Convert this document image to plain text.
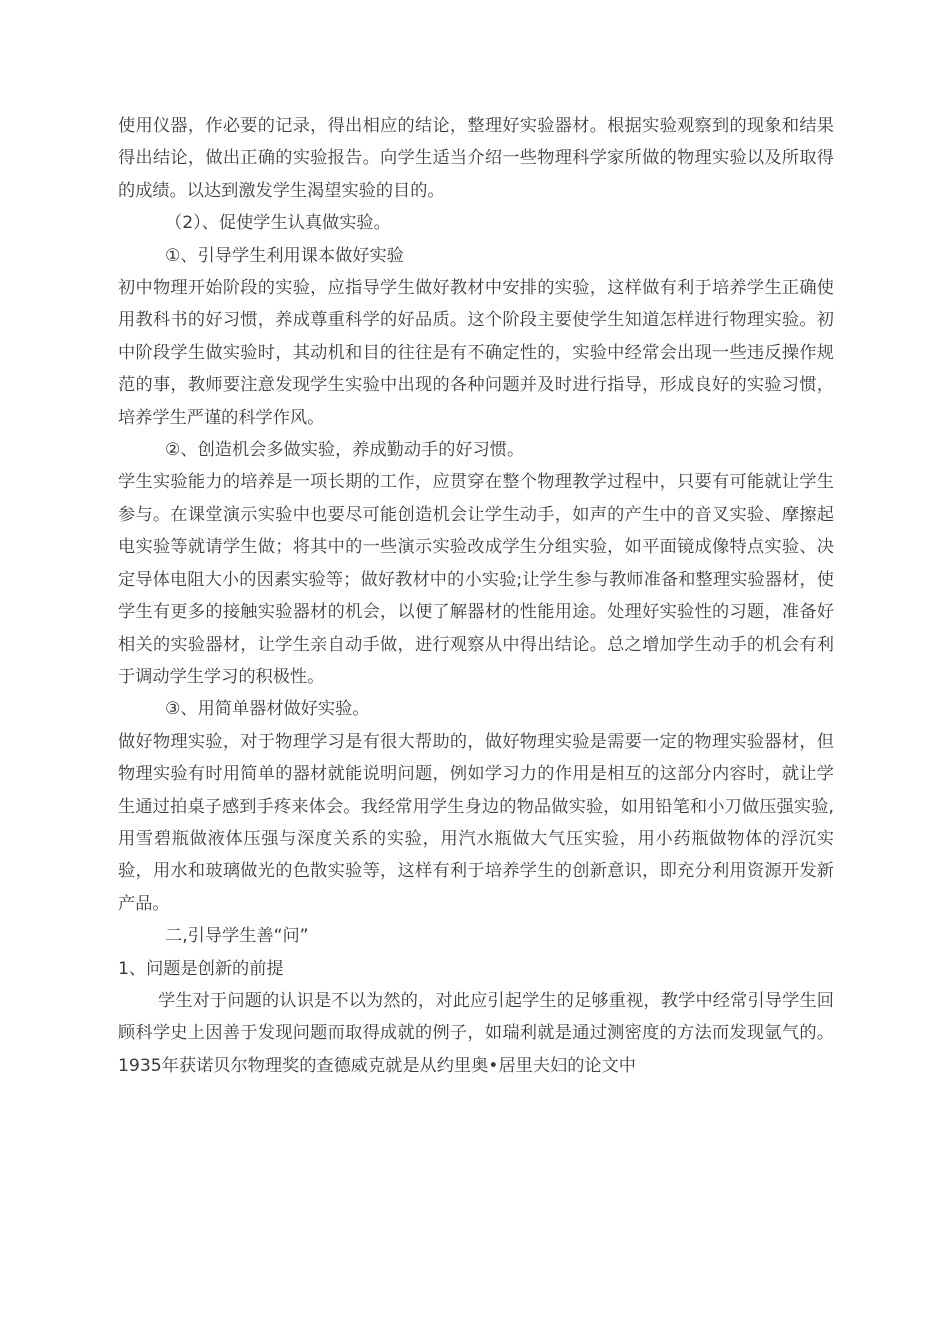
使用仪器，作必要的记录，得出相应的结论，整理好实验器材。根据实验观察到的现象和结果得出结论，做出正确的实验报告。向学生适当介绍一些物理科学家所做的物理实验以及所取得的成绩。以达到激发学生渴望实验的目的。

（2）、促使学生认真做实验。

①、引导学生利用课本做好实验

初中物理开始阶段的实验，应指导学生做好教材中安排的实验，这样做有利于培养学生正确使用教科书的好习惯，养成尊重科学的好品质。这个阶段主要使学生知道怎样进行物理实验。初中阶段学生做实验时，其动机和目的往往是有不确定性的，实验中经常会出现一些违反操作规范的事，教师要注意发现学生实验中出现的各种问题并及时进行指导，形成良好的实验习惯，培养学生严谨的科学作风。

②、创造机会多做实验，养成勤动手的好习惯。

学生实验能力的培养是一项长期的工作，应贯穿在整个物理教学过程中，只要有可能就让学生参与。在课堂演示实验中也要尽可能创造机会让学生动手，如声的产生中的音叉实验、摩擦起电实验等就请学生做；将其中的一些演示实验改成学生分组实验，如平面镜成像特点实验、决定导体电阻大小的因素实验等；做好教材中的小实验;让学生参与教师准备和整理实验器材，使学生有更多的接触实验器材的机会，以便了解器材的性能用途。处理好实验性的习题，准备好相关的实验器材，让学生亲自动手做，进行观察从中得出结论。总之增加学生动手的机会有利于调动学生学习的积极性。

③、用简单器材做好实验。

做好物理实验，对于物理学习是有很大帮助的，做好物理实验是需要一定的物理实验器材，但物理实验有时用简单的器材就能说明问题，例如学习力的作用是相互的这部分内容时，就让学生通过拍桌子感到手疼来体会。我经常用学生身边的物品做实验，如用铅笔和小刀做压强实验,用雪碧瓶做液体压强与深度关系的实验，用汽水瓶做大气压实验，用小药瓶做物体的浮沉实验，用水和玻璃做光的色散实验等，这样有利于培养学生的创新意识，即充分利用资源开发新产品。

二,引导学生善“问”

1、问题是创新的前提

学生对于问题的认识是不以为然的，对此应引起学生的足够重视，教学中经常引导学生回顾科学史上因善于发现问题而取得成就的例子，如瑞利就是通过测密度的方法而发现氩气的。1935年获诺贝尔物理奖的查德威克就是从约里奥•居里夫妇的论文中
